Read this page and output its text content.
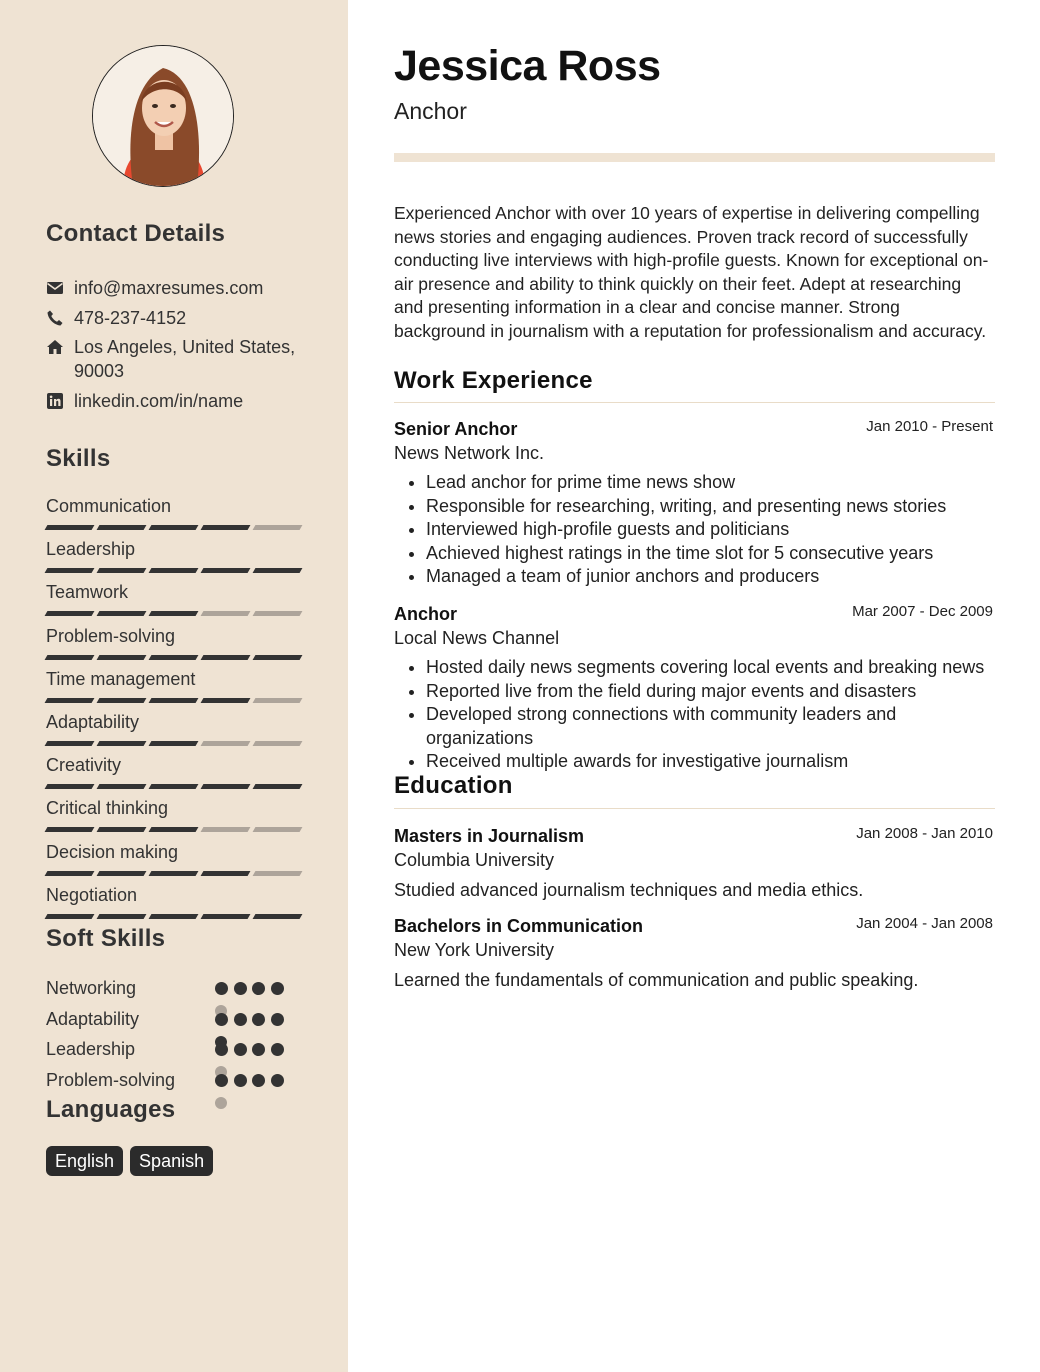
Contact Details
info@maxresumes.com
478-237-4152
Los Angeles, United States, 90003
linkedin.com/in/name
Skills
Soft Skills
Languages
English	Spanish
Communication
Leadership
Teamwork
Problem-solving
Time management
Adaptability
Creativity
Critical thinking
Decision making
Negotiation
Networking
Adaptability
Leadership
Problem-solving
Jessica Ross
Anchor

Experienced Anchor with over 10 years of expertise in delivering compelling news stories and engaging audiences. Proven track record of successfully conducting live interviews with high-profile guests. Known for exceptional on-air presence and ability to think quickly on their feet. Adept at researching and presenting information in a clear and concise manner. Strong background in journalism with a reputation for professionalism and accuracy.

Work Experience
Senior Anchor	Jan 2010 - Present
News Network Inc.
• Lead anchor for prime time news show
• Responsible for researching, writing, and presenting news stories
• Interviewed high-profile guests and politicians
• Achieved highest ratings in the time slot for 5 consecutive years
• Managed a team of junior anchors and producers
Anchor	Mar 2007 - Dec 2009
Local News Channel
• Hosted daily news segments covering local events and breaking news
• Reported live from the field during major events and disasters
• Developed strong connections with community leaders and organizations
• Received multiple awards for investigative journalism
Education
Masters in Journalism	Jan 2008 - Jan 2010
Columbia University
Studied advanced journalism techniques and media ethics.
Bachelors in Communication	Jan 2004 - Jan 2008
New York University
Learned the fundamentals of communication and public speaking.
